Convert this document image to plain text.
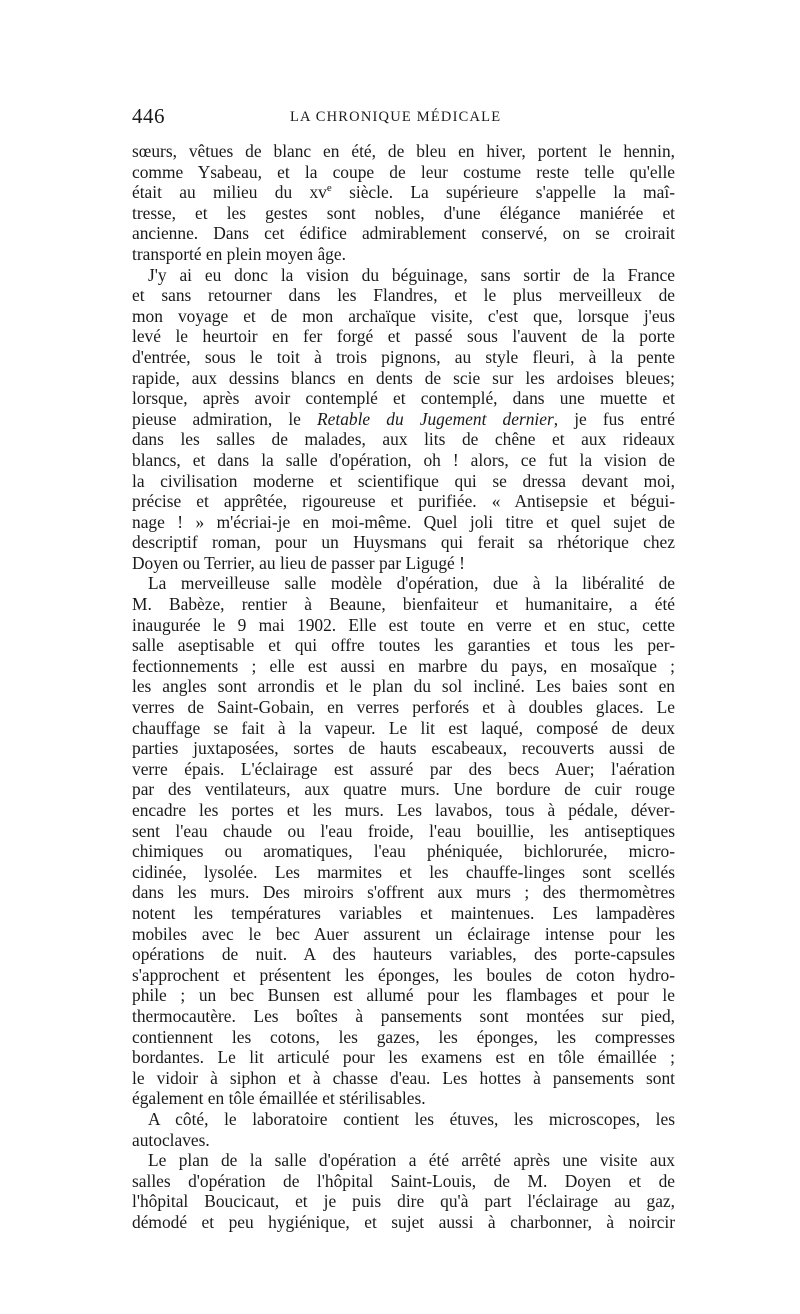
446	LA CHRONIQUE MÉDICALE
sœurs, vêtues de blanc en été, de bleu en hiver, portent le hennin,
comme Ysabeau, et la coupe de leur costume reste telle qu'elle
était au milieu du $xv^e$ siècle. La supérieure s'appelle la maî-
tresse, et les gestes sont nobles, d'une élégance maniérée et
ancienne. Dans cet édifice admirablement conservé, on se croirait
transporté en plein moyen âge.
J'y ai eu donc la vision du béguinage, sans sortir de la France
et sans retourner dans les Flandres, et le plus merveilleux de
mon voyage et de mon archaïque visite, c'est que, lorsque j'eus
levé le heurtoir en fer forgé et passé sous l'auvent de la porte
d'entrée, sous le toit à trois pignons, au style fleuri, à la pente
rapide, aux dessins blancs en dents de scie sur les ardoises bleues;
lorsque, après avoir contemplé et contemplé, dans une muette et
pieuse admiration, le Retable du Jugement dernier, je fus entré
dans les salles de malades, aux lits de chêne et aux rideaux
blancs, et dans la salle d'opération, oh ! alors, ce fut la vision de
la civilisation moderne et scientifique qui se dressa devant moi,
précise et apprêtée, rigoureuse et purifiée. « Antisepsie et bégui-
nage ! » m'écriai-je en moi-même. Quel joli titre et quel sujet de
descriptif roman, pour un Huysmans qui ferait sa rhétorique chez
Doyen ou Terrier, au lieu de passer par Ligugé !
La merveilleuse salle modèle d'opération, due à la libéralité de
M. Babèze, rentier à Beaune, bienfaiteur et humanitaire, a été
inaugurée le 9 mai 1902. Elle est toute en verre et en stuc, cette
salle aseptisable et qui offre toutes les garanties et tous les per-
fectionnements ; elle est aussi en marbre du pays, en mosaïque ;
les angles sont arrondis et le plan du sol incliné. Les baies sont en
verres de Saint-Gobain, en verres perforés et à doubles glaces. Le
chauffage se fait à la vapeur. Le lit est laqué, composé de deux
parties juxtaposées, sortes de hauts escabeaux, recouverts aussi de
verre épais. L'éclairage est assuré par des becs Auer; l'aération
par des ventilateurs, aux quatre murs. Une bordure de cuir rouge
encadre les portes et les murs. Les lavabos, tous à pédale, déver-
sent l'eau chaude ou l'eau froide, l'eau bouillie, les antiseptiques
chimiques ou aromatiques, l'eau phéniquée, bichlorurée, micro-
cidinée, lysolée. Les marmites et les chauffe-linges sont scellés
dans les murs. Des miroirs s'offrent aux murs ; des thermomètres
notent les températures variables et maintenues. Les lampadères
mobiles avec le bec Auer assurent un éclairage intense pour les
opérations de nuit. A des hauteurs variables, des porte-capsules
s'approchent et présentent les éponges, les boules de coton hydro-
phile ; un bec Bunsen est allumé pour les flambages et pour le
thermocautère. Les boîtes à pansements sont montées sur pied,
contiennent les cotons, les gazes, les éponges, les compresses
bordantes. Le lit articulé pour les examens est en tôle émaillée ;
le vidoir à siphon et à chasse d'eau. Les hottes à pansements sont
également en tôle émaillée et stérilisables.
A côté, le laboratoire contient les étuves, les microscopes, les
autoclaves.
Le plan de la salle d'opération a été arrêté après une visite aux
salles d'opération de l'hôpital Saint-Louis, de M. Doyen et de
l'hôpital Boucicaut, et je puis dire qu'à part l'éclairage au gaz,
démodé et peu hygiénique, et sujet aussi à charbonner, à noircir
